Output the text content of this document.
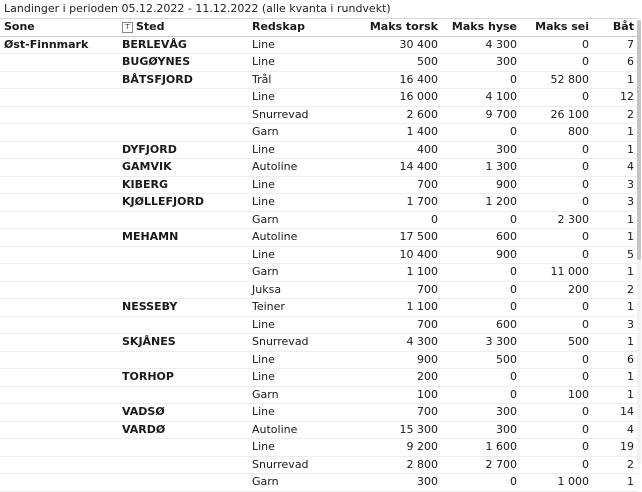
Landinger i perioden 05.12.2022 - 11.12.2022 (alle kvanta i rundvekt)
Sone	T Sted	Redskap	Maks torsk	Maks hyse	Maks sei	Båt
Øst-Finnmark	BERLEVÅG	Line	30 400	4 300	0	7
	BUGØYNES	Line	500	300	0	6
	BÅTSFJORD	Trål	16 400	0	52 800	1
		Line	16 000	4 100	0	12
		Snurrevad	2 600	9 700	26 100	2
		Garn	1 400	0	800	1
	DYFJORD	Line	400	300	0	1
	GAMVIK	Autoline	14 400	1 300	0	4
	KIBERG	Line	700	900	0	3
	KJØLLEFJORD	Line	1 700	1 200	0	3
		Garn	0	0	2 300	1
	MEHAMN	Autoline	17 500	600	0	1
		Line	10 400	900	0	5
		Garn	1 100	0	11 000	1
		Juksa	700	0	200	2
	NESSEBY	Teiner	1 100	0	0	1
		Line	700	600	0	3
	SKJÅNES	Snurrevad	4 300	3 300	500	1
		Line	900	500	0	6
	TORHOP	Line	200	0	0	1
		Garn	100	0	100	1
	VADSØ	Line	700	300	0	14
	VARDØ	Autoline	15 300	300	0	4
		Line	9 200	1 600	0	19
		Snurrevad	2 800	2 700	0	2
		Garn	300	0	1 000	1
